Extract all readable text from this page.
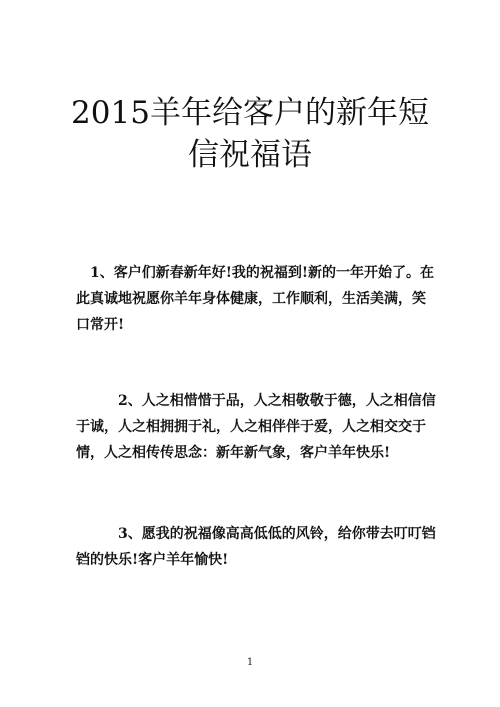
2015羊年给客户的新年短
信祝福语
1、客户们新春新年好!我的祝福到!新的一年开始了。在
此真诚地祝愿你羊年身体健康，工作顺利，生活美满，笑
口常开!
2、人之相惜惜于品，人之相敬敬于德，人之相信信
于诚，人之相拥拥于礼，人之相伴伴于爱，人之相交交于
情，人之相传传思念：新年新气象，客户羊年快乐!
3、愿我的祝福像高高低低的风铃，给你带去叮叮铛
铛的快乐!客户羊年愉快!
1
